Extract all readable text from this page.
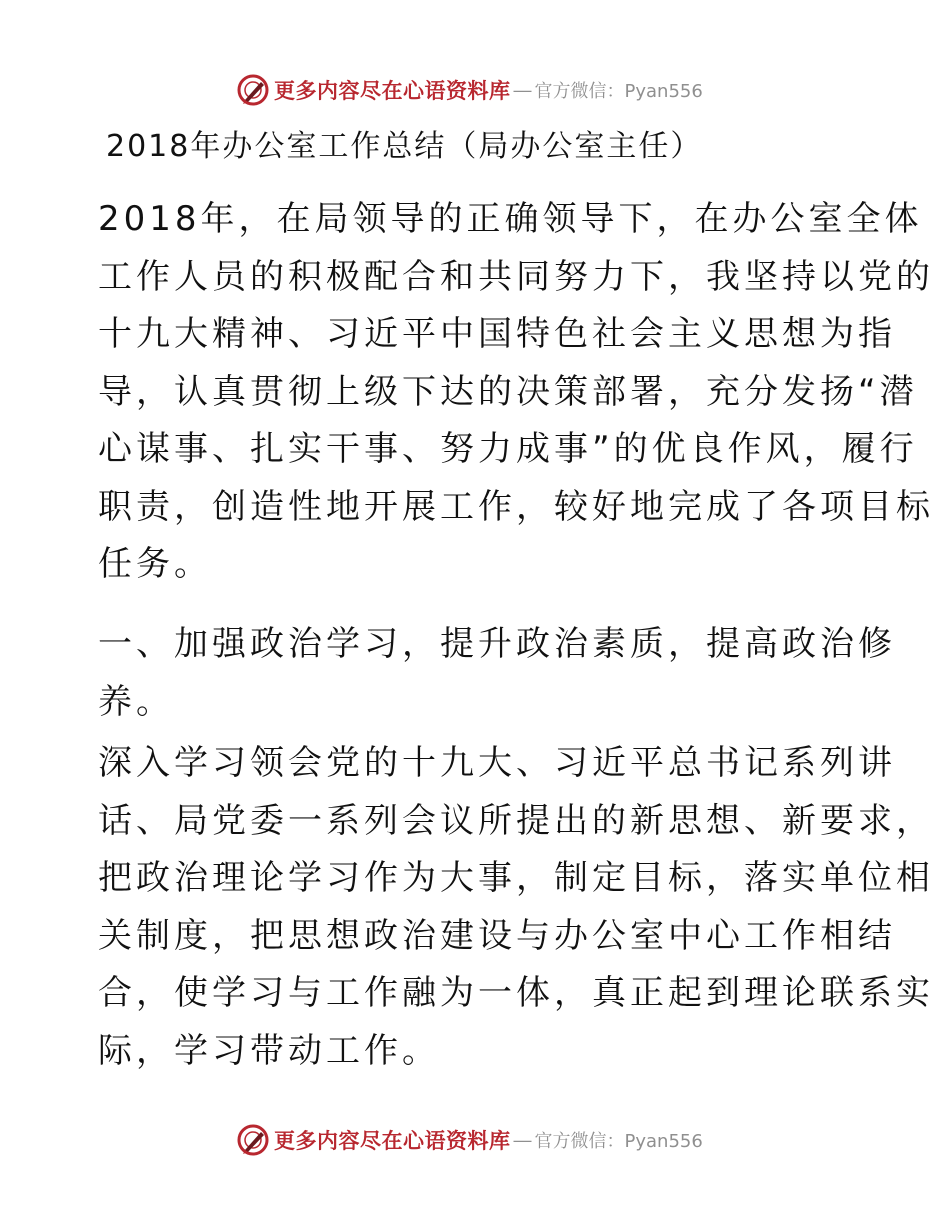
更多内容尽在心语资料库 — 官方微信：Pyan556
2018年办公室工作总结（局办公室主任）

2018年，在局领导的正确领导下，在办公室全体
工作人员的积极配合和共同努力下，我坚持以党的
十九大精神、习近平中国特色社会主义思想为指
导，认真贯彻上级下达的决策部署，充分发扬“潜
心谋事、扎实干事、努力成事”的优良作风，履行
职责，创造性地开展工作，较好地完成了各项目标
任务。

一、加强政治学习，提升政治素质，提高政治修
养。

深入学习领会党的十九大、习近平总书记系列讲
话、局党委一系列会议所提出的新思想、新要求，
把政治理论学习作为大事，制定目标，落实单位相
关制度，把思想政治建设与办公室中心工作相结
合，使学习与工作融为一体，真正起到理论联系实
际，学习带动工作。

更多内容尽在心语资料库 — 官方微信：Pyan556
